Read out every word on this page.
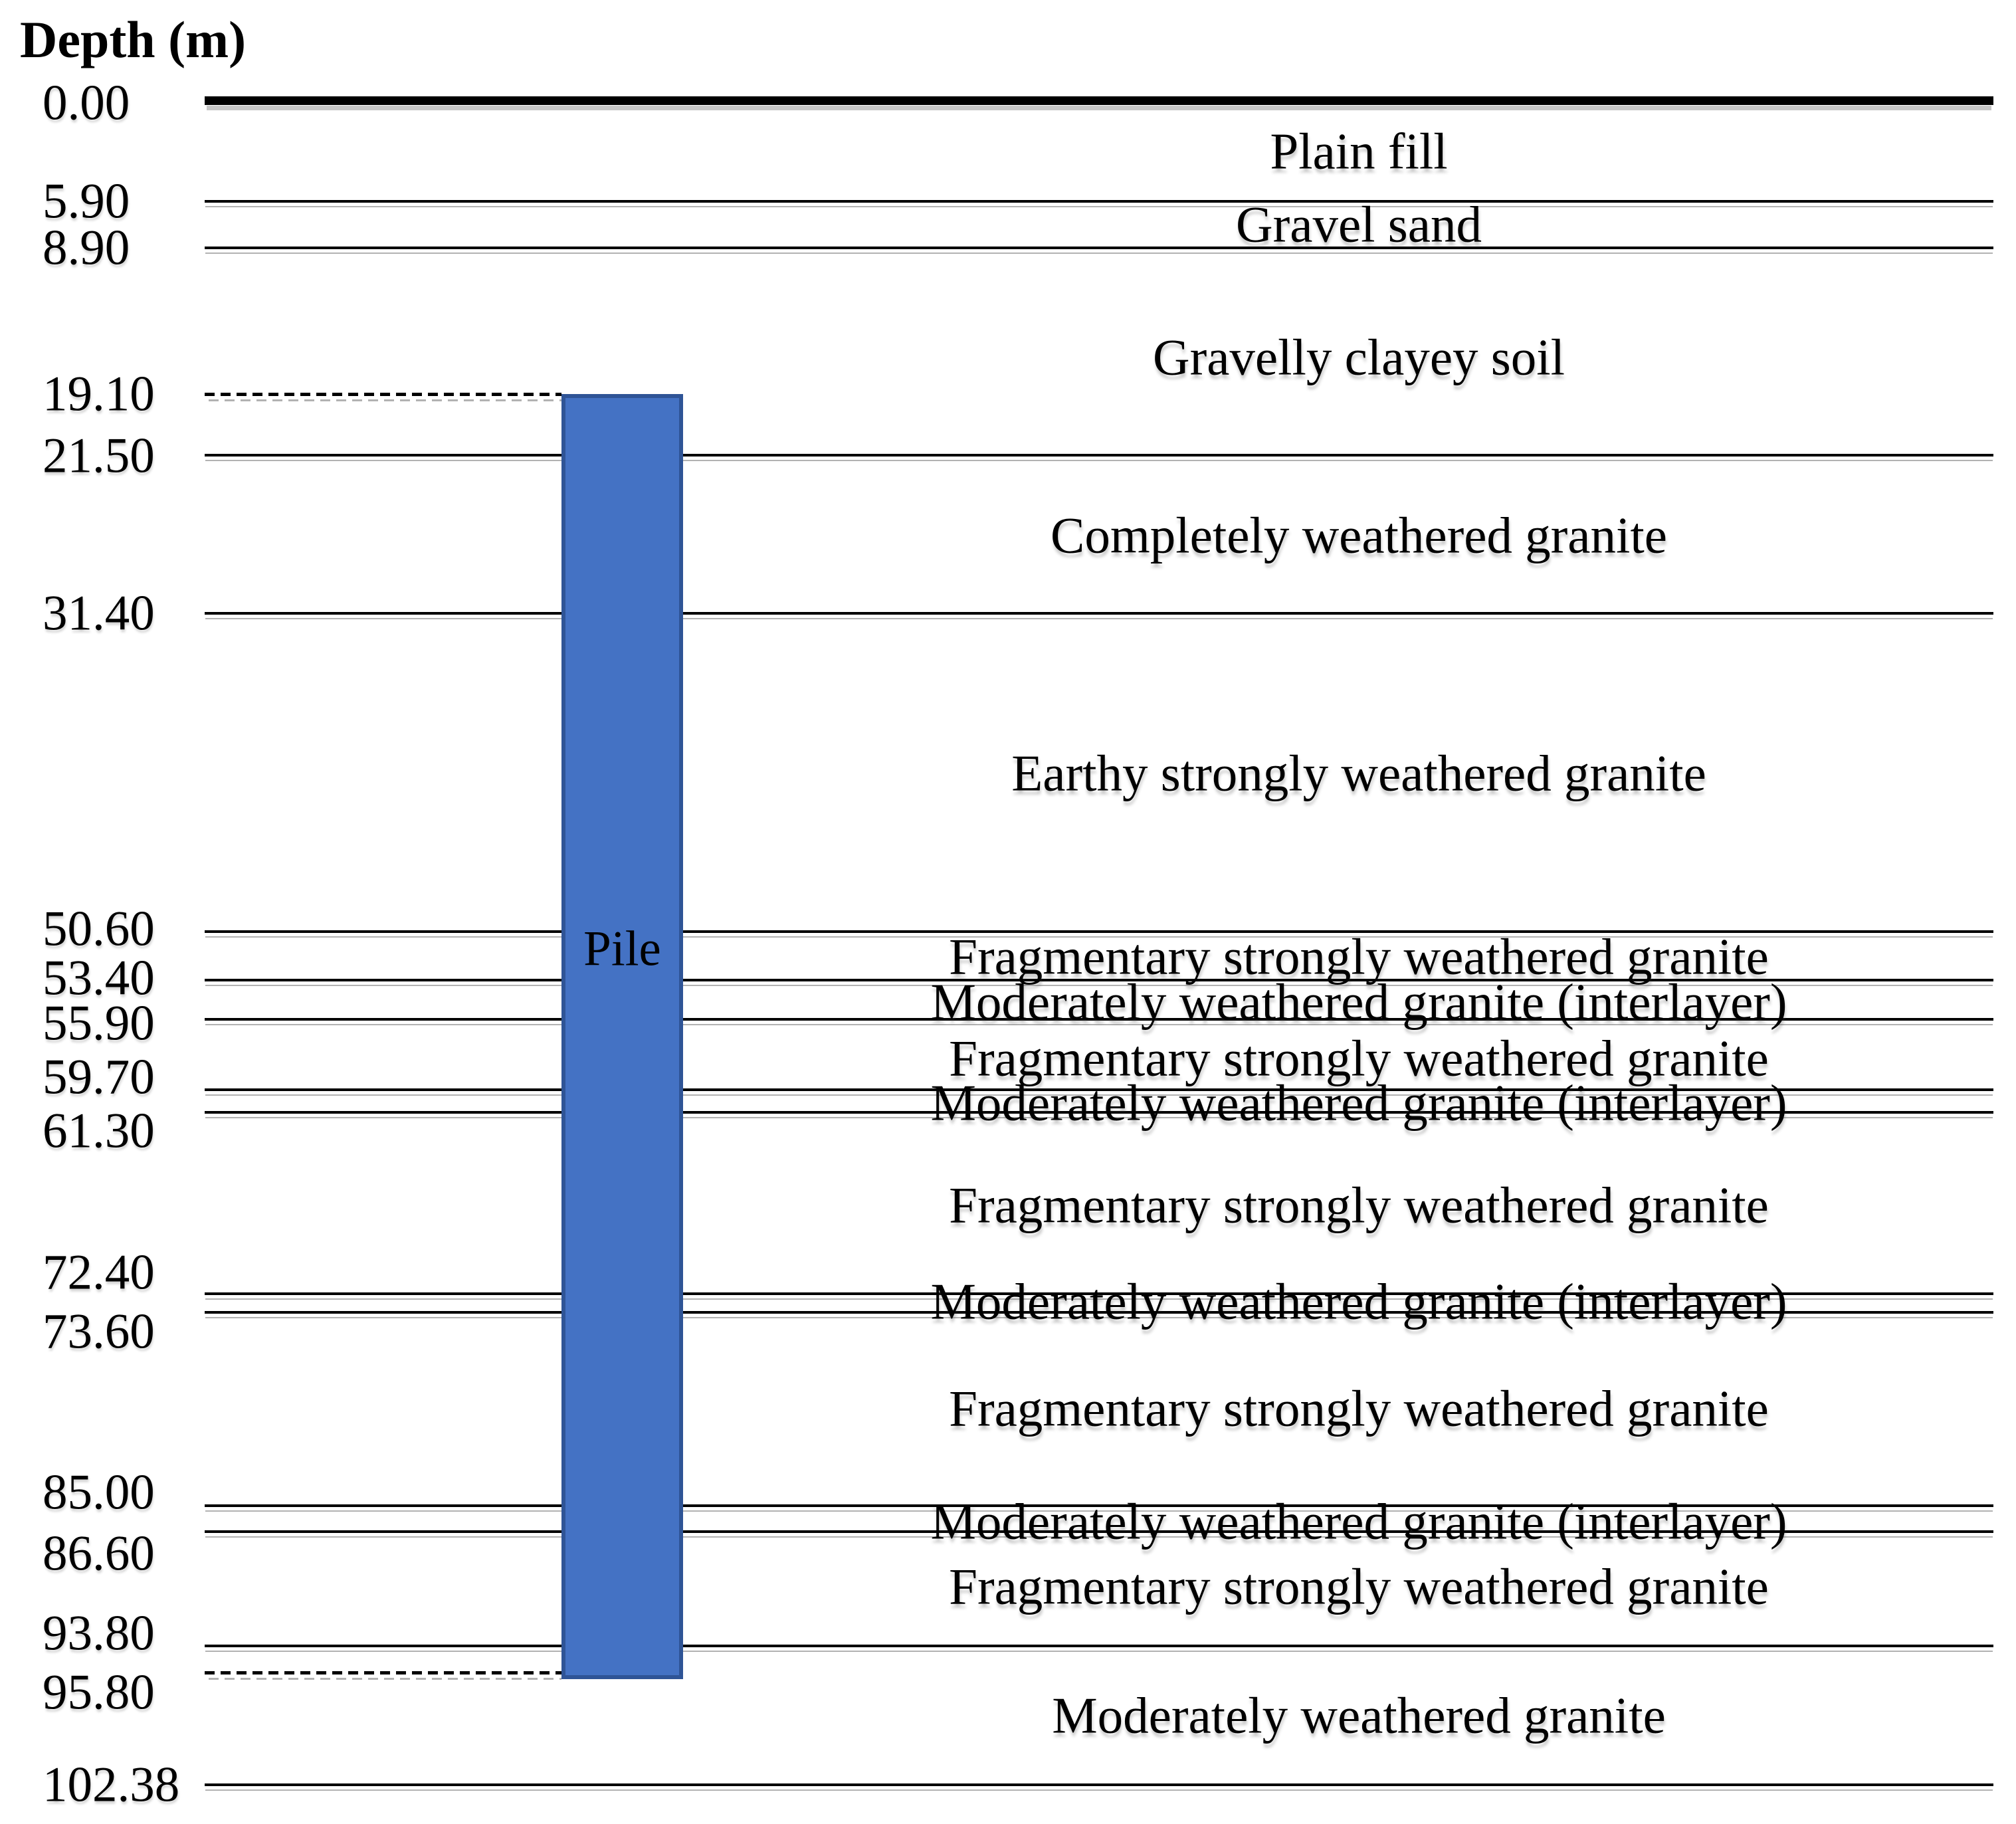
Depth (m)
0.00
5.90
8.90
19.10
21.50
31.40
50.60
53.40
55.90
59.70
61.30
72.40
73.60
85.00
86.60
93.80
95.80
102.38
Plain fill
Gravel sand
Gravelly clayey soil
Completely weathered granite
Earthy strongly weathered granite
Fragmentary strongly weathered granite
Moderately weathered granite (interlayer)
Fragmentary strongly weathered granite
Moderately weathered granite (interlayer)
Fragmentary strongly weathered granite
Moderately weathered granite (interlayer)
Fragmentary strongly weathered granite
Moderately weathered granite (interlayer)
Fragmentary strongly weathered granite
Moderately weathered granite
Pile
